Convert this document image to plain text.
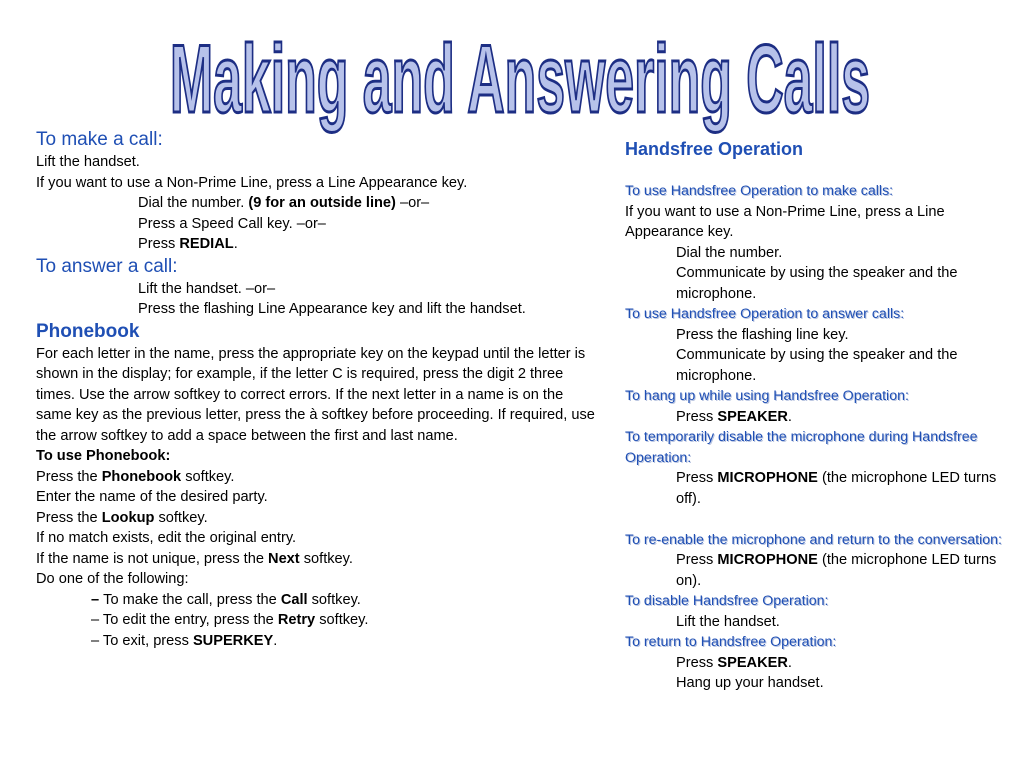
Making and Answering Calls
To make a call:
Lift the handset.
If you want to use a Non-Prime Line, press a Line Appearance key.
Dial the number. (9 for an outside line) –or–
Press a Speed Call key. –or–
Press REDIAL.
To answer a call:
Lift the handset. –or–
Press the flashing Line Appearance key and lift the handset.
Phonebook
For each letter in the name, press the appropriate key on the keypad until the letter is shown in the display; for example, if the letter C is required, press the digit 2 three times. Use the arrow softkey to correct errors. If the next letter in a name is on the same key as the previous letter, press the à softkey before proceeding. If required, use the arrow softkey to add a space between the first and last name.
To use Phonebook:
Press the Phonebook softkey.
Enter the name of the desired party.
Press the Lookup softkey.
If no match exists, edit the original entry.
If the name is not unique, press the Next softkey.
Do one of the following:
– To make the call, press the Call softkey.
– To edit the entry, press the Retry softkey.
– To exit, press SUPERKEY.
Handsfree Operation
To use Handsfree Operation to make calls:
If you want to use a Non-Prime Line, press a Line Appearance key.
Dial the number.
Communicate by using the speaker and the microphone.
To use Handsfree Operation to answer calls:
Press the flashing line key.
Communicate by using the speaker and the microphone.
To hang up while using Handsfree Operation:
Press SPEAKER.
To temporarily disable the microphone during Handsfree Operation:
Press MICROPHONE (the microphone LED turns off).
To re-enable the microphone and return to the conversation:
Press MICROPHONE (the microphone LED turns on).
To disable Handsfree Operation:
Lift the handset.
To return to Handsfree Operation:
Press SPEAKER.
Hang up your handset.
